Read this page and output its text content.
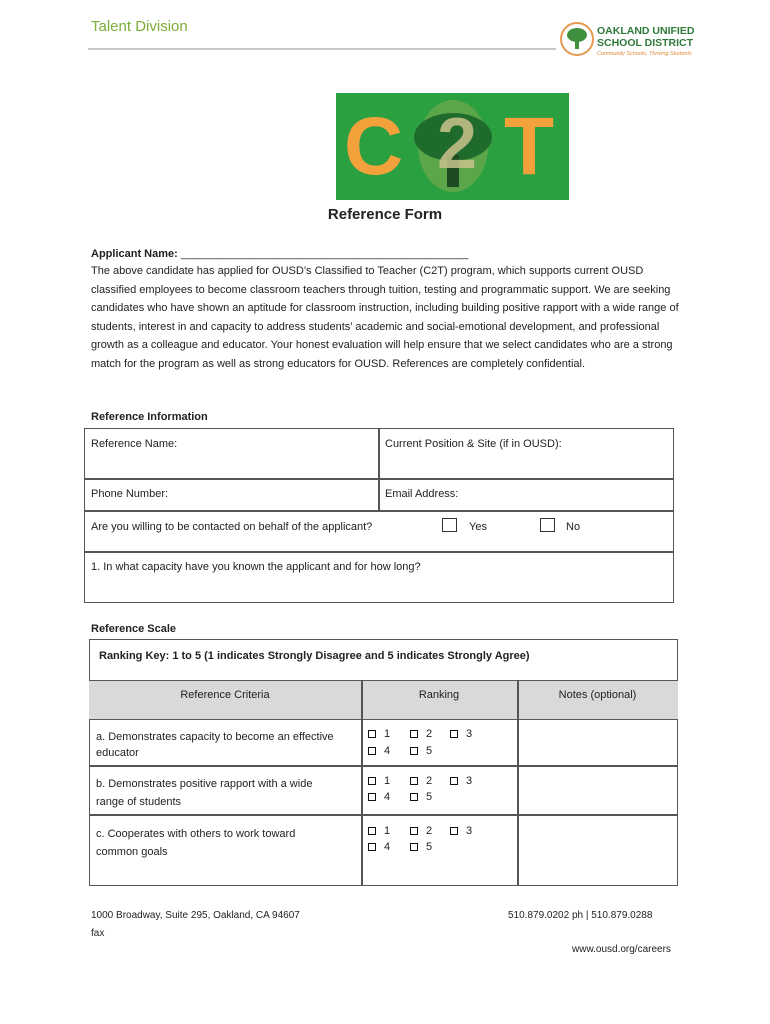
Talent Division	OAKLAND UNIFIED SCHOOL DISTRICT
Community Schools, Thriving Students
C 2 T
Reference Form
Applicant Name: _______________________________________________
The above candidate has applied for OUSD’s Classified to Teacher (C2T) program, which supports current OUSD classified employees to become classroom teachers through tuition, testing and programmatic support. We are seeking candidates who have shown an aptitude for classroom instruction, including building positive rapport with a wide range of students, interest in and capacity to address students’ academic and social-emotional development, and professional growth as a colleague and educator. Your honest evaluation will help ensure that we select candidates who are a strong match for the program as well as strong educators for OUSD. References are completely confidential.
Reference Information
Reference Name:	Current Position & Site (if in OUSD):
Phone Number:	Email Address:
Are you willing to be contacted on behalf of the applicant?	Yes	No
1. In what capacity have you known the applicant and for how long?
Reference Scale
Ranking Key: 1 to 5 (1 indicates Strongly Disagree and 5 indicates Strongly Agree)
Reference Criteria	Ranking	Notes (optional)
a. Demonstrates capacity to become an effective
educator
1	2	3
4	5
b. Demonstrates positive rapport with a wide
range of students
1	2	3
4	5
c. Cooperates with others to work toward
common goals
1	2	3
4	5
1000 Broadway, Suite 295, Oakland, CA 94607
fax
510.879.0202 ph | 510.879.0288
www.ousd.org/careers
